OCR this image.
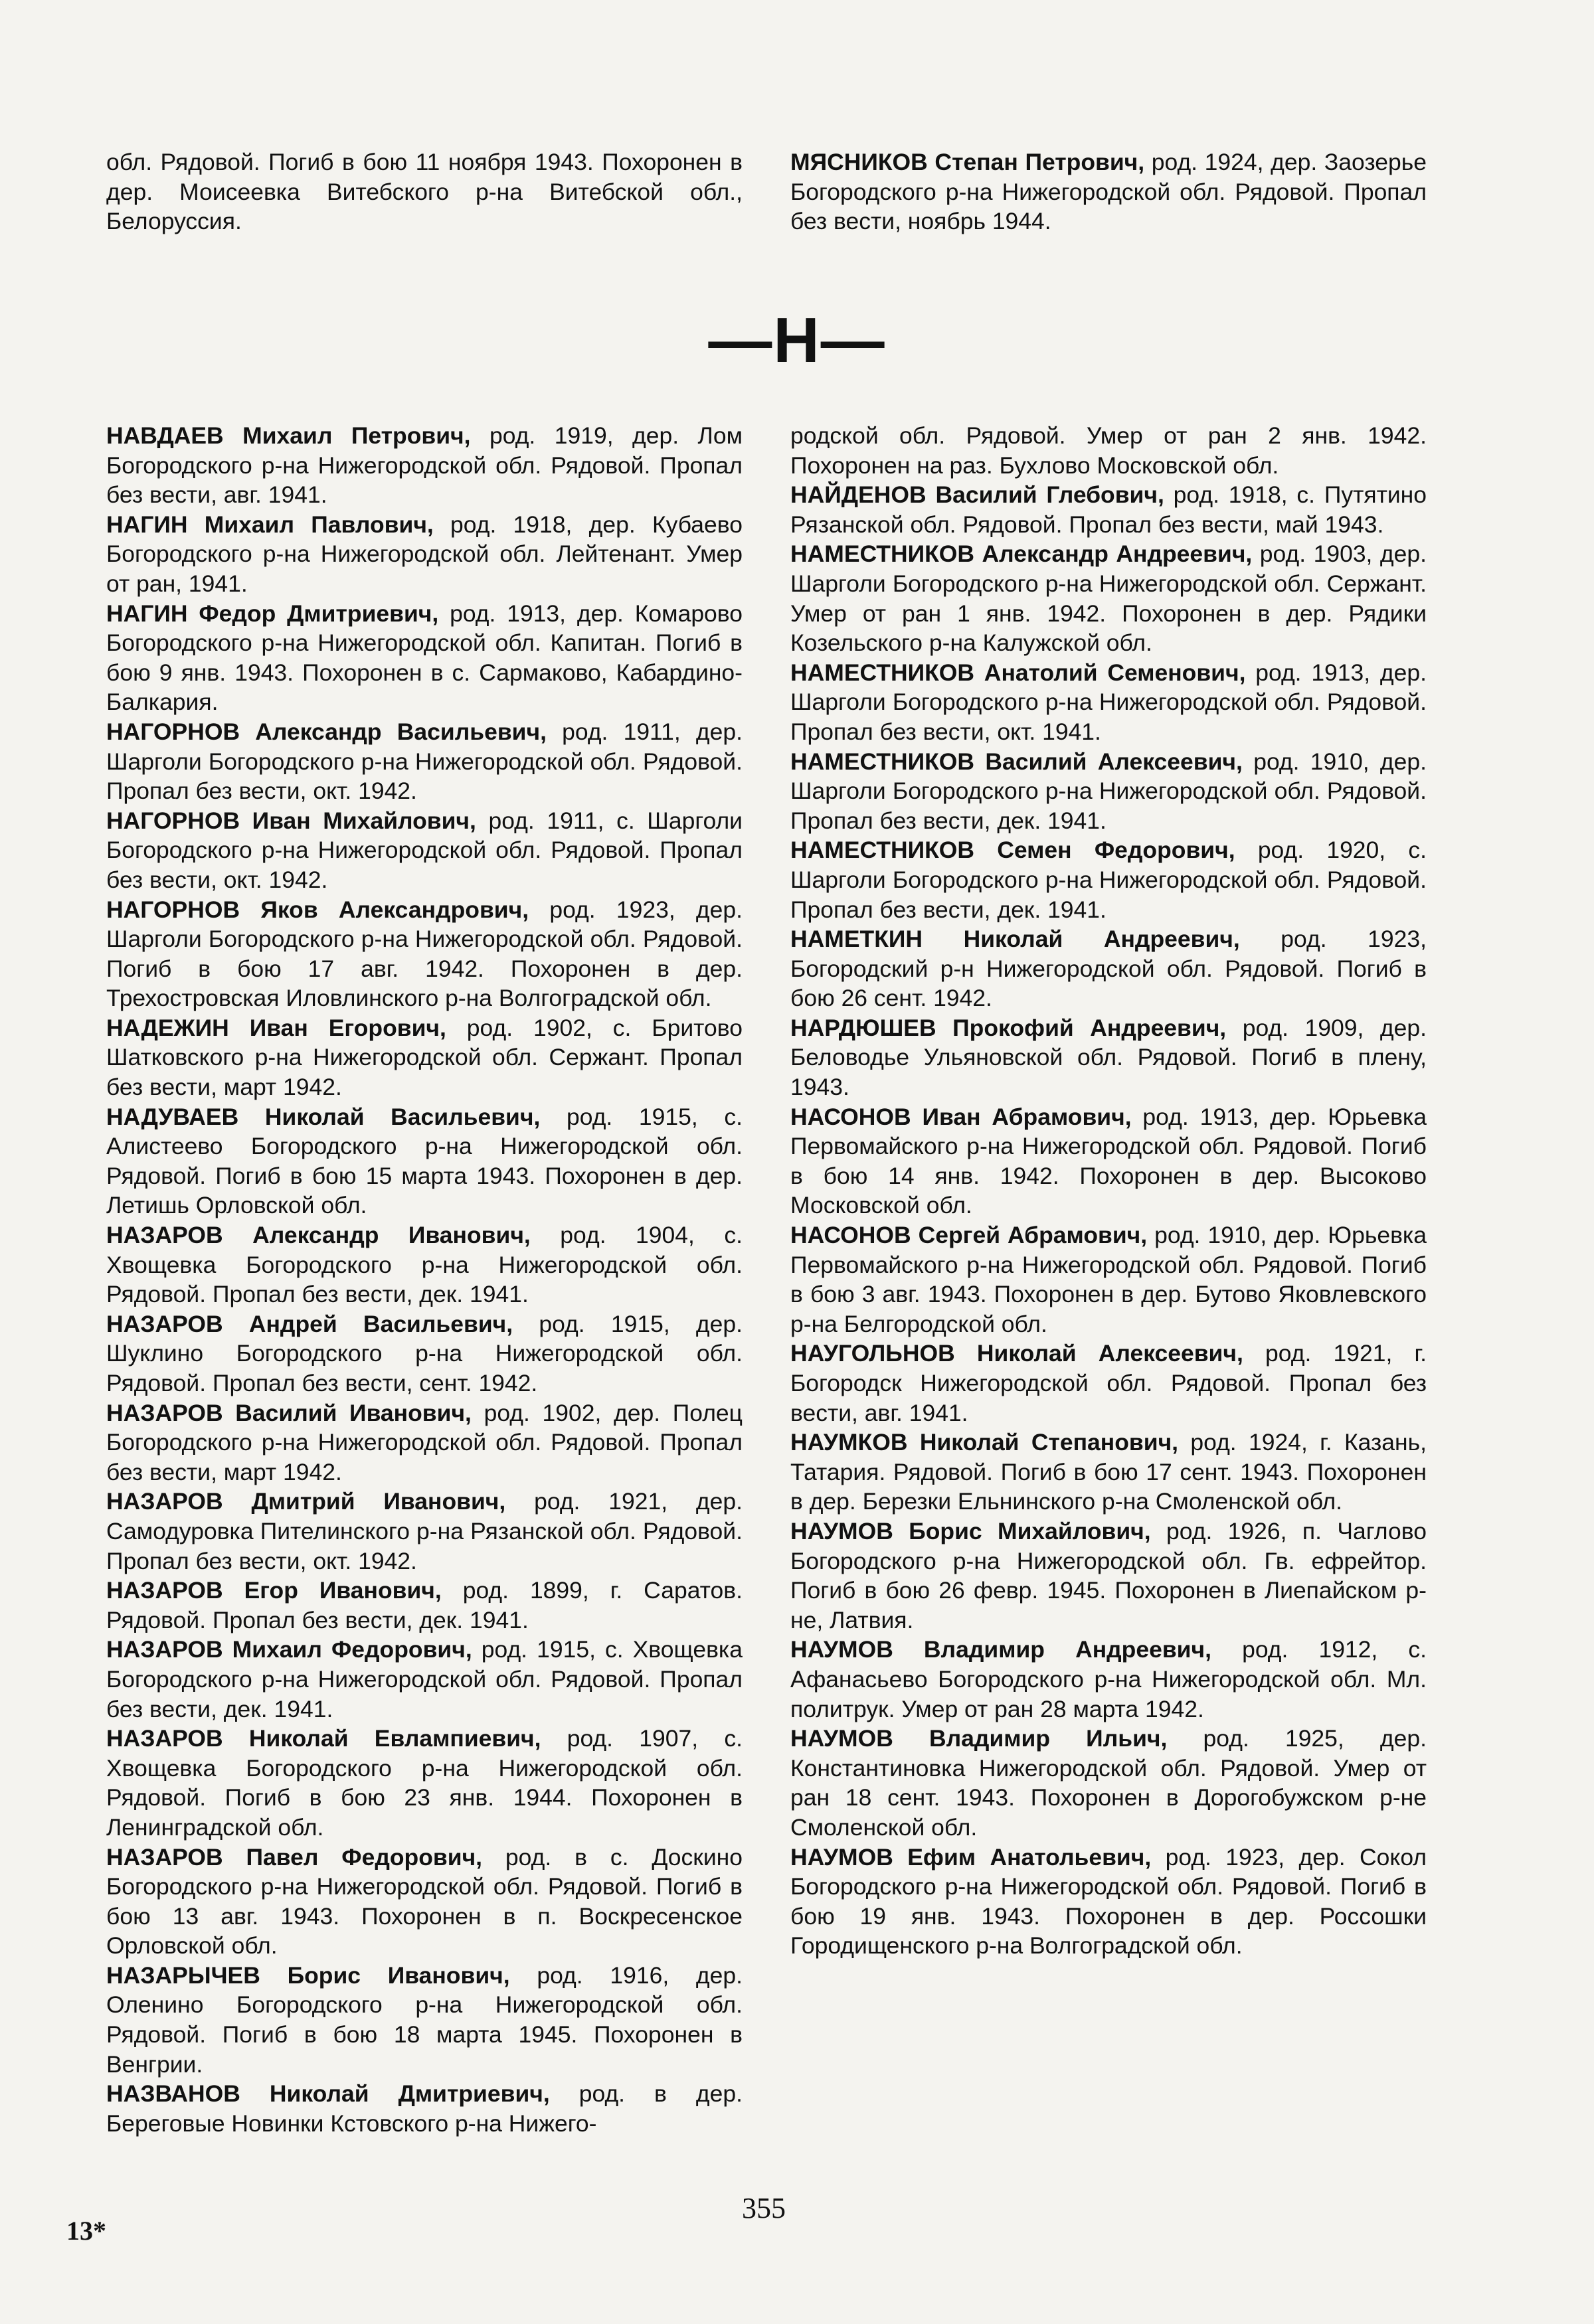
обл. Рядовой. Погиб в бою 11 ноября 1943. Похоронен в дер. Моисеевка Витебского р-на Витебской обл., Белоруссия.

МЯСНИКОВ Степан Петрович, род. 1924, дер. Заозерье Богородского р-на Нижегородской обл. Рядовой. Пропал без вести, ноябрь 1944.

—Н—

НАВДАЕВ Михаил Петрович, род. 1919, дер. Лом Богородского р-на Нижегородской обл. Рядовой. Пропал без вести, авг. 1941.

НАГИН Михаил Павлович, род. 1918, дер. Кубаево Богородского р-на Нижегородской обл. Лейтенант. Умер от ран, 1941.

НАГИН Федор Дмитриевич, род. 1913, дер. Комарово Богородского р-на Нижегородской обл. Капитан. Погиб в бою 9 янв. 1943. Похоронен в с. Сармаково, Кабардино-Балкария.

НАГОРНОВ Александр Васильевич, род. 1911, дер. Шарголи Богородского р-на Нижегородской обл. Рядовой. Пропал без вести, окт. 1942.

НАГОРНОВ Иван Михайлович, род. 1911, с. Шарголи Богородского р-на Нижегородской обл. Рядовой. Пропал без вести, окт. 1942.

НАГОРНОВ Яков Александрович, род. 1923, дер. Шарголи Богородского р-на Нижегородской обл. Рядовой. Погиб в бою 17 авг. 1942. Похоронен в дер. Трехостровская Иловлинского р-на Волгоградской обл.

НАДЕЖИН Иван Егорович, род. 1902, с. Бритово Шатковского р-на Нижегородской обл. Сержант. Пропал без вести, март 1942.

НАДУВАЕВ Николай Васильевич, род. 1915, с. Алистеево Богородского р-на Нижегородской обл. Рядовой. Погиб в бою 15 марта 1943. Похоронен в дер. Летишь Орловской обл.

НАЗАРОВ Александр Иванович, род. 1904, с. Хвощевка Богородского р-на Нижегородской обл. Рядовой. Пропал без вести, дек. 1941.

НАЗАРОВ Андрей Васильевич, род. 1915, дер. Шуклино Богородского р-на Нижегородской обл. Рядовой. Пропал без вести, сент. 1942.

НАЗАРОВ Василий Иванович, род. 1902, дер. Полец Богородского р-на Нижегородской обл. Рядовой. Пропал без вести, март 1942.

НАЗАРОВ Дмитрий Иванович, род. 1921, дер. Самодуровка Пителинского р-на Рязанской обл. Рядовой. Пропал без вести, окт. 1942.

НАЗАРОВ Егор Иванович, род. 1899, г. Саратов. Рядовой. Пропал без вести, дек. 1941.

НАЗАРОВ Михаил Федорович, род. 1915, с. Хвощевка Богородского р-на Нижегородской обл. Рядовой. Пропал без вести, дек. 1941.

НАЗАРОВ Николай Евлампиевич, род. 1907, с. Хвощевка Богородского р-на Нижегородской обл. Рядовой. Погиб в бою 23 янв. 1944. Похоронен в Ленинградской обл.

НАЗАРОВ Павел Федорович, род. в с. Доскино Богородского р-на Нижегородской обл. Рядовой. Погиб в бою 13 авг. 1943. Похоронен в п. Воскресенское Орловской обл.

НАЗАРЫЧЕВ Борис Иванович, род. 1916, дер. Оленино Богородского р-на Нижегородской обл. Рядовой. Погиб в бою 18 марта 1945. Похоронен в Венгрии.

НАЗВАНОВ Николай Дмитриевич, род. в дер. Береговые Новинки Кстовского р-на Нижего-

родской обл. Рядовой. Умер от ран 2 янв. 1942. Похоронен на раз. Бухлово Московской обл.

НАЙДЕНОВ Василий Глебович, род. 1918, с. Путятино Рязанской обл. Рядовой. Пропал без вести, май 1943.

НАМЕСТНИКОВ Александр Андреевич, род. 1903, дер. Шарголи Богородского р-на Нижегородской обл. Сержант. Умер от ран 1 янв. 1942. Похоронен в дер. Рядики Козельского р-на Калужской обл.

НАМЕСТНИКОВ Анатолий Семенович, род. 1913, дер. Шарголи Богородского р-на Нижегородской обл. Рядовой. Пропал без вести, окт. 1941.

НАМЕСТНИКОВ Василий Алексеевич, род. 1910, дер. Шарголи Богородского р-на Нижегородской обл. Рядовой. Пропал без вести, дек. 1941.

НАМЕСТНИКОВ Семен Федорович, род. 1920, с. Шарголи Богородского р-на Нижегородской обл. Рядовой. Пропал без вести, дек. 1941.

НАМЕТКИН Николай Андреевич, род. 1923, Богородский р-н Нижегородской обл. Рядовой. Погиб в бою 26 сент. 1942.

НАРДЮШЕВ Прокофий Андреевич, род. 1909, дер. Беловодье Ульяновской обл. Рядовой. Погиб в плену, 1943.

НАСОНОВ Иван Абрамович, род. 1913, дер. Юрьевка Первомайского р-на Нижегородской обл. Рядовой. Погиб в бою 14 янв. 1942. Похоронен в дер. Высоково Московской обл.

НАСОНОВ Сергей Абрамович, род. 1910, дер. Юрьевка Первомайского р-на Нижегородской обл. Рядовой. Погиб в бою 3 авг. 1943. Похоронен в дер. Бутово Яковлевского р-на Белгородской обл.

НАУГОЛЬНОВ Николай Алексеевич, род. 1921, г. Богородск Нижегородской обл. Рядовой. Пропал без вести, авг. 1941.

НАУМКОВ Николай Степанович, род. 1924, г. Казань, Татария. Рядовой. Погиб в бою 17 сент. 1943. Похоронен в дер. Березки Ельнинского р-на Смоленской обл.

НАУМОВ Борис Михайлович, род. 1926, п. Чаглово Богородского р-на Нижегородской обл. Гв. ефрейтор. Погиб в бою 26 февр. 1945. Похоронен в Лиепайском р-не, Латвия.

НАУМОВ Владимир Андреевич, род. 1912, с. Афанасьево Богородского р-на Нижегородской обл. Мл. политрук. Умер от ран 28 марта 1942.

НАУМОВ Владимир Ильич, род. 1925, дер. Константиновка Нижегородской обл. Рядовой. Умер от ран 18 сент. 1943. Похоронен в Дорогобужском р-не Смоленской обл.

НАУМОВ Ефим Анатольевич, род. 1923, дер. Сокол Богородского р-на Нижегородской обл. Рядовой. Погиб в бою 19 янв. 1943. Похоронен в дер. Россошки Городищенского р-на Волгоградской обл.

355
13*
